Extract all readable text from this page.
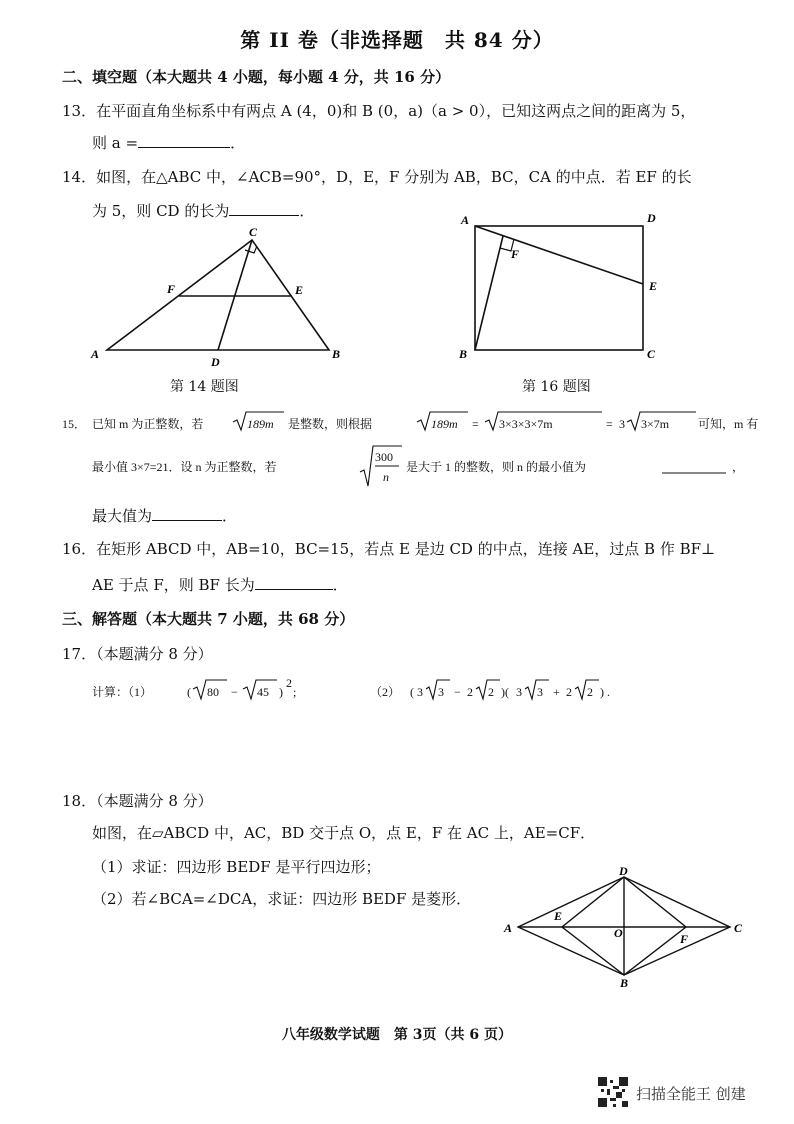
第 II 卷（非选择题　共 84 分）
二、填空题（本大题共 4 小题，每小题 4 分，共 16 分）
13．在平面直角坐标系中有两点 A (4，0)和 B (0，a)（a > 0），已知这两点之间的距离为 5，
则 a =	．
14．如图，在△ABC 中，∠ACB=90°，D，E，F 分别为 AB，BC，CA 的中点．若 EF 的长
为 5，则 CD 的长为	．
C
F	E
A	B
D
第 14 题图
A	D
F
E
B	C
第 16 题图
15． 已知 m 为正整数，若	189m 是整数，则根据	189m = 3×3×3×7m	= 3 3×7m 可知，m 有
最小值 3×7=21．设 n 为正整数，若
300
n
是大于 1 的整数，则 n 的最小值为	，
最大值为	．
16．在矩形 ABCD 中，AB=10，BC=15，若点 E 是边 CD 的中点，连接 AE，过点 B 作 BF⊥
AE 于点 F，则 BF 长为	．
三、解答题（本大题共 7 小题，共 68 分）
17．（本题满分 8 分）
计算：（1）	( 80 − 45 )
2
;	（2） ( 3 3 − 2 2 )( 3 3 + 2 2 ) .
18．（本题满分 8 分）
如图，在▱ABCD 中，AC，BD 交于点 O，点 E，F 在 AC 上，AE=CF．
（1）求证：四边形 BEDF 是平行四边形；
（2）若∠BCA=∠DCA，求证：四边形 BEDF 是菱形．
D
A	C
E
F
O
B
八年级数学试题　第 3页（共 6 页）
扫描全能王 创建
